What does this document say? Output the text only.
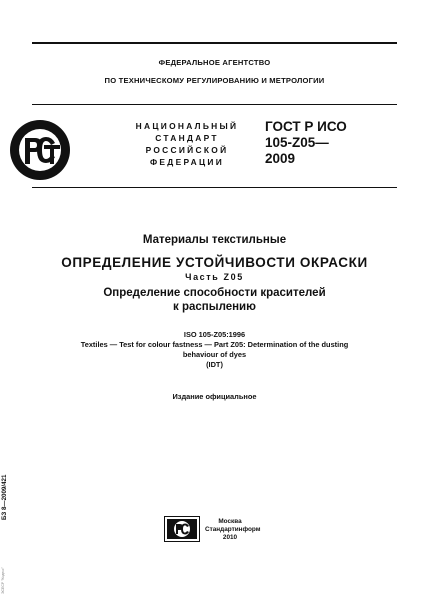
ФЕДЕРАЛЬНОЕ АГЕНТСТВО
ПО ТЕХНИЧЕСКОМУ РЕГУЛИРОВАНИЮ И МЕТРОЛОГИИ
НАЦИОНАЛЬНЫЙ
СТАНДАРТ
РОССИЙСКОЙ
ФЕДЕРАЦИИ
ГОСТ Р ИСО
105-Z05—
2009
Материалы текстильные
ОПРЕДЕЛЕНИЕ УСТОЙЧИВОСТИ ОКРАСКИ
Часть Z05
Определение способности красителей
к распылению
ISO 105-Z05:1996
Textiles — Test for colour fastness — Part Z05: Determination of the dusting
behaviour of dyes
(IDT)
Издание официальное
БЗ 8—2009/421
ЭСЕСР "Кодекс"
Москва
Стандартинформ
2010
